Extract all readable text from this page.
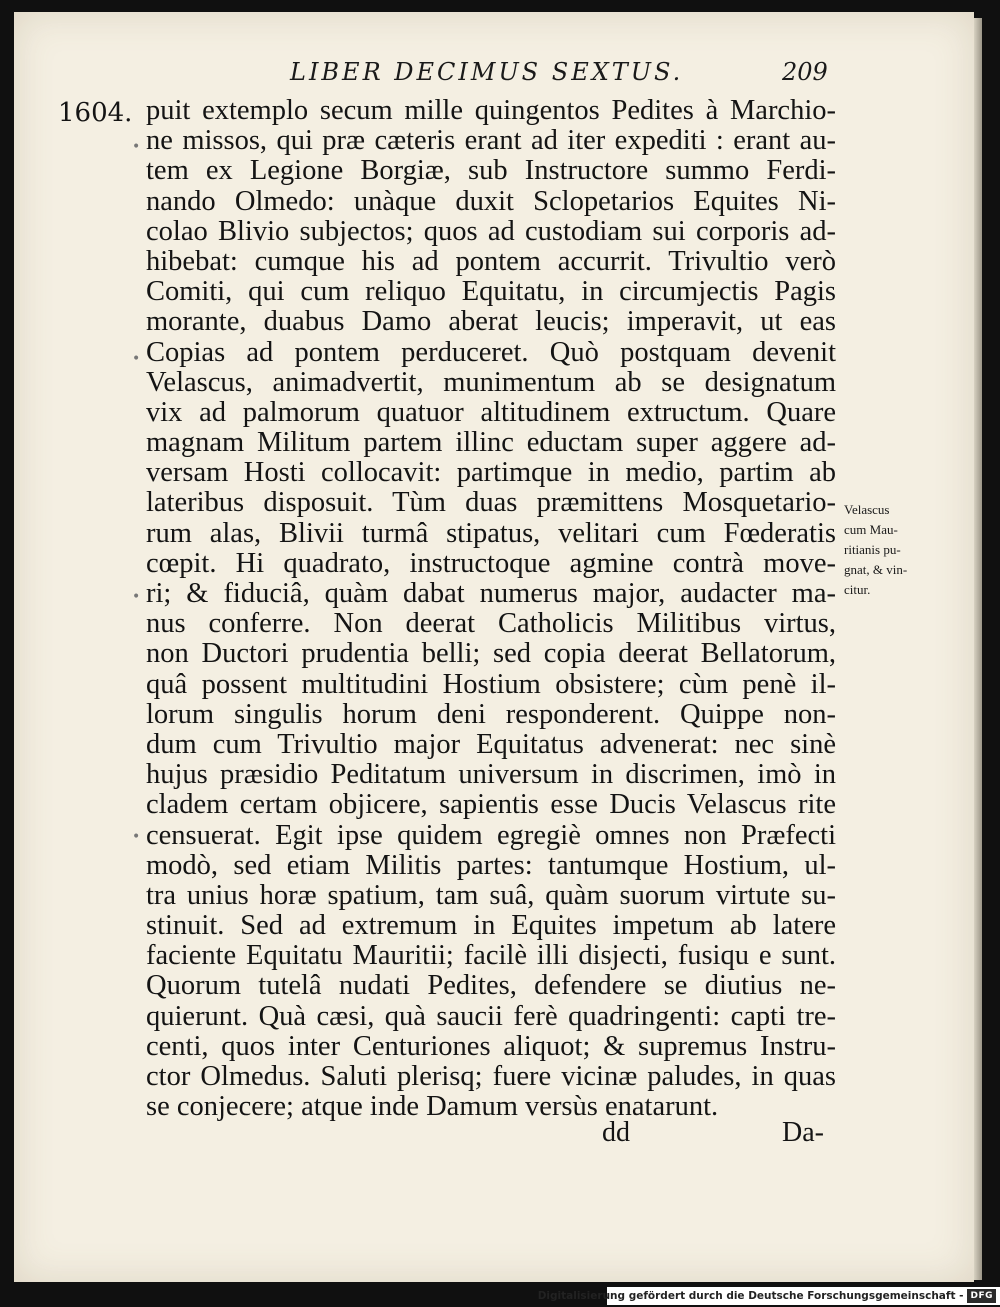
LIBER DECIMUS SEXTUS.	209
1604.
•
•
•
•
puit extemplo secum mille quingentos Pedites à Marchio-
ne missos, qui præ cæteris erant ad iter expediti : erant au-
tem ex Legione Borgiæ, sub Instructore summo Ferdi-
nando Olmedo: unàque duxit Sclopetarios Equites Ni-
colao Blivio subjectos; quos ad custodiam sui corporis ad-
hibebat: cumque his ad pontem accurrit. Trivultio verò
Comiti, qui cum reliquo Equitatu, in circumjectis Pagis
morante, duabus Damo aberat leucis; imperavit, ut eas
Copias ad pontem perduceret. Quò postquam devenit
Velascus, animadvertit, munimentum ab se designatum
vix ad palmorum quatuor altitudinem extructum. Quare
magnam Militum partem illinc eductam super aggere ad-
versam Hosti collocavit: partimque in medio, partim ab
lateribus disposuit. Tùm duas præmittens Mosquetario-
rum alas, Blivii turmâ stipatus, velitari cum Fœderatis
cœpit. Hi quadrato, instructoque agmine contrà move-
ri; & fiduciâ, quàm dabat numerus major, audacter ma-
nus conferre. Non deerat Catholicis Militibus virtus,
non Ductori prudentia belli; sed copia deerat Bellatorum,
quâ possent multitudini Hostium obsistere; cùm penè il-
lorum singulis horum deni responderent. Quippe non-
dum cum Trivultio major Equitatus advenerat: nec sinè
hujus præsidio Peditatum universum in discrimen, imò in
cladem certam objicere, sapientis esse Ducis Velascus rite
censuerat. Egit ipse quidem egregiè omnes non Præfecti
modò, sed etiam Militis partes: tantumque Hostium, ul-
tra unius horæ spatium, tam suâ, quàm suorum virtute su-
stinuit. Sed ad extremum in Equites impetum ab latere
faciente Equitatu Mauritii; facilè illi disjecti, fusiqu e sunt.
Quorum tutelâ nudati Pedites, defendere se diutius ne-
quierunt. Quà cæsi, quà saucii ferè quadringenti: capti tre-
centi, quos inter Centuriones aliquot; & supremus Instru-
ctor Olmedus. Saluti plerisq; fuere vicinæ paludes, in quas
se conjecere; atque inde Damum versùs enatarunt.
Velascus
cum Mau-
ritianis pu-
gnat, & vin-
citur.
dd	Da-
Digitalisierung gefördert durch die Deutsche Forschungsgemeinschaft - DFG
